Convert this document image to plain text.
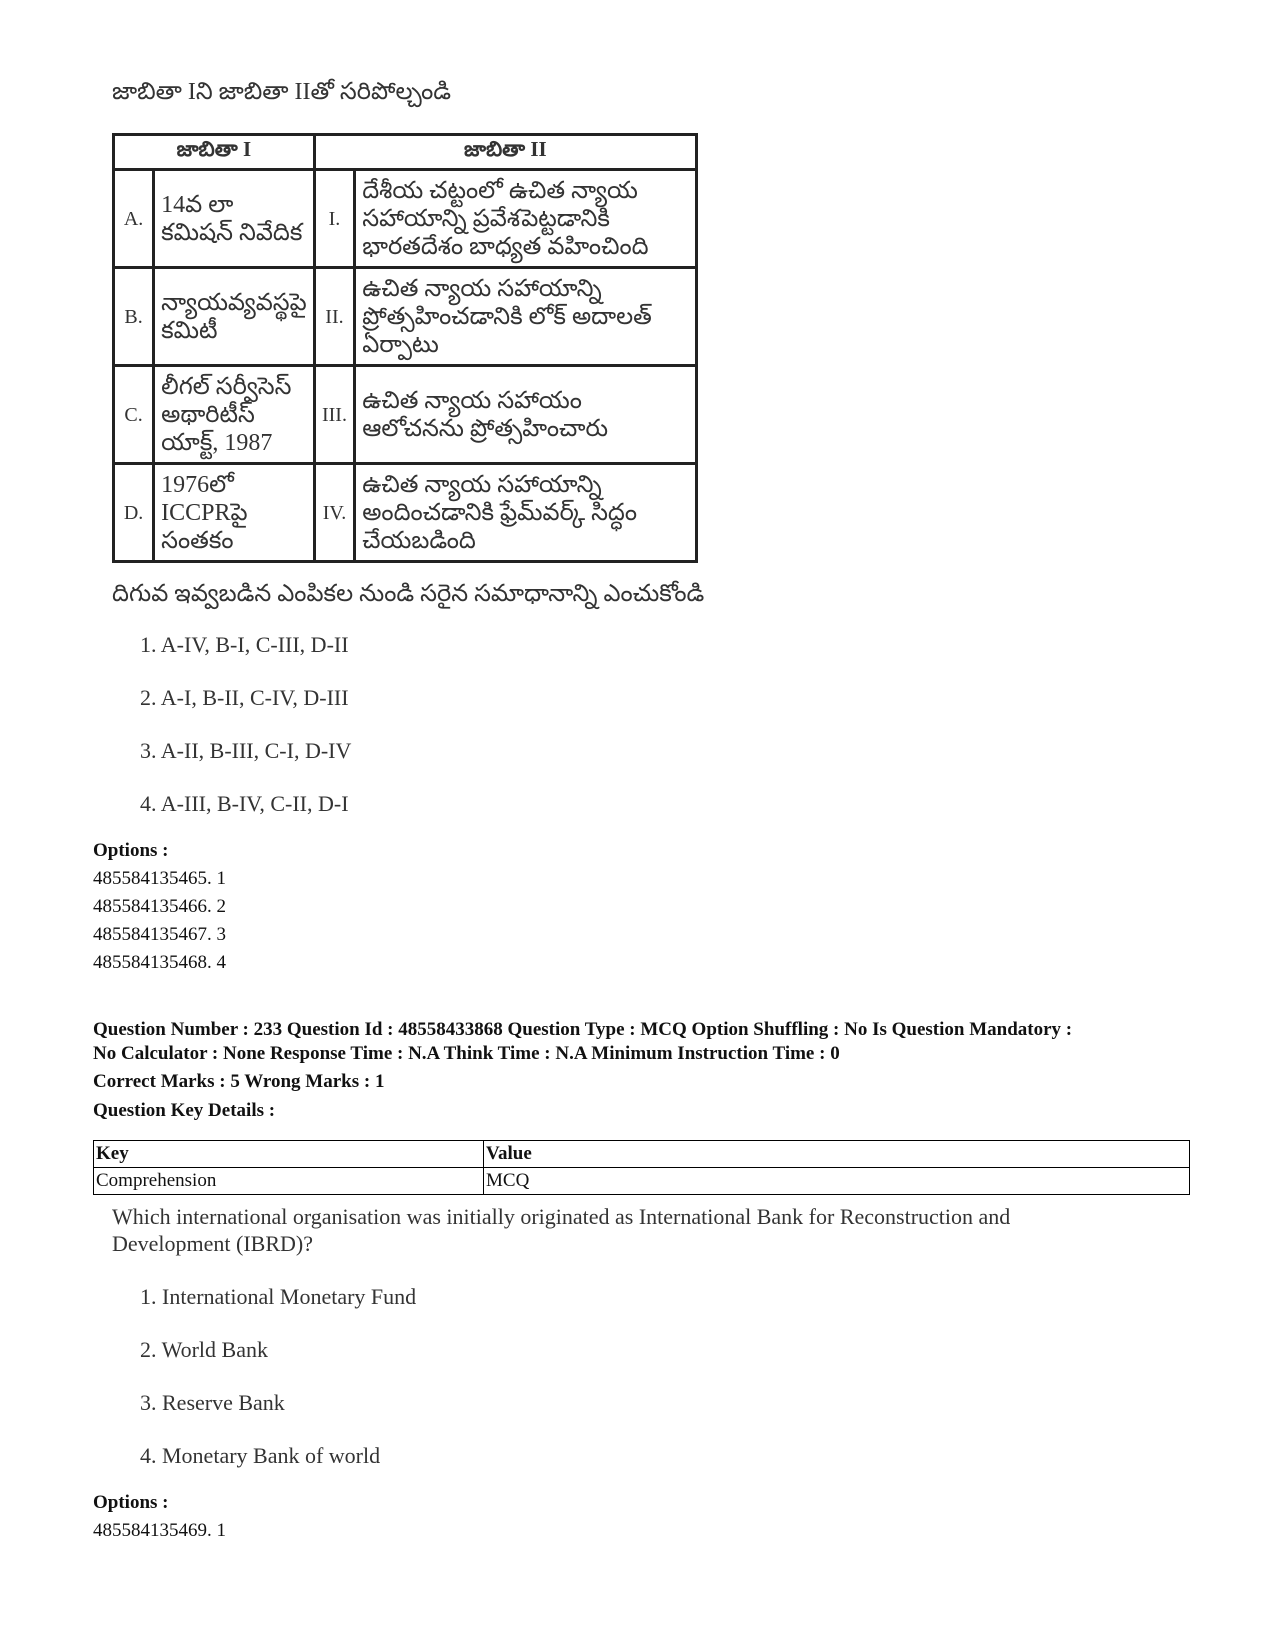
జాబితా Iని జాబితా IIతో సరిపోల్చండి
జాబితా I		జాబితా II	
A.	14వ లా కమిషన్ నివేదిక	I.	దేశీయ చట్టంలో ఉచిత న్యాయ సహాయాన్ని ప్రవేశపెట్టడానికి భారతదేశం బాధ్యత వహించింది
B.	న్యాయవ్యవస్థపై కమిటీ	II.	ఉచిత న్యాయ సహాయాన్ని ప్రోత్సహించడానికి లోక్ అదాలత్ ఏర్పాటు
C.	లీగల్ సర్వీసెస్ అథారిటీస్ యాక్ట్, 1987	III.	ఉచిత న్యాయ సహాయం ఆలోచనను ప్రోత్సహించారు
D.	1976లో ICCPRపై సంతకం	IV.	ఉచిత న్యాయ సహాయాన్ని అందించడానికి ఫ్రేమ్‌వర్క్ సిద్ధం చేయబడింది
దిగువ ఇవ్వబడిన ఎంపికల నుండి సరైన సమాధానాన్ని ఎంచుకోండి
1. A-IV, B-I, C-III, D-II
2. A-I, B-II, C-IV, D-III
3. A-II, B-III, C-I, D-IV
4. A-III, B-IV, C-II, D-I
Options :
485584135465. 1
485584135466. 2
485584135467. 3
485584135468. 4
Question Number : 233 Question Id : 48558433868 Question Type : MCQ Option Shuffling : No Is Question Mandatory :
No Calculator : None Response Time : N.A Think Time : N.A Minimum Instruction Time : 0
Correct Marks : 5 Wrong Marks : 1
Question Key Details :
Key	Value
Comprehension	MCQ
Which international organisation was initially originated as International Bank for Reconstruction and
Development (IBRD)?
1. International Monetary Fund
2. World Bank
3. Reserve Bank
4. Monetary Bank of world
Options :
485584135469. 1
